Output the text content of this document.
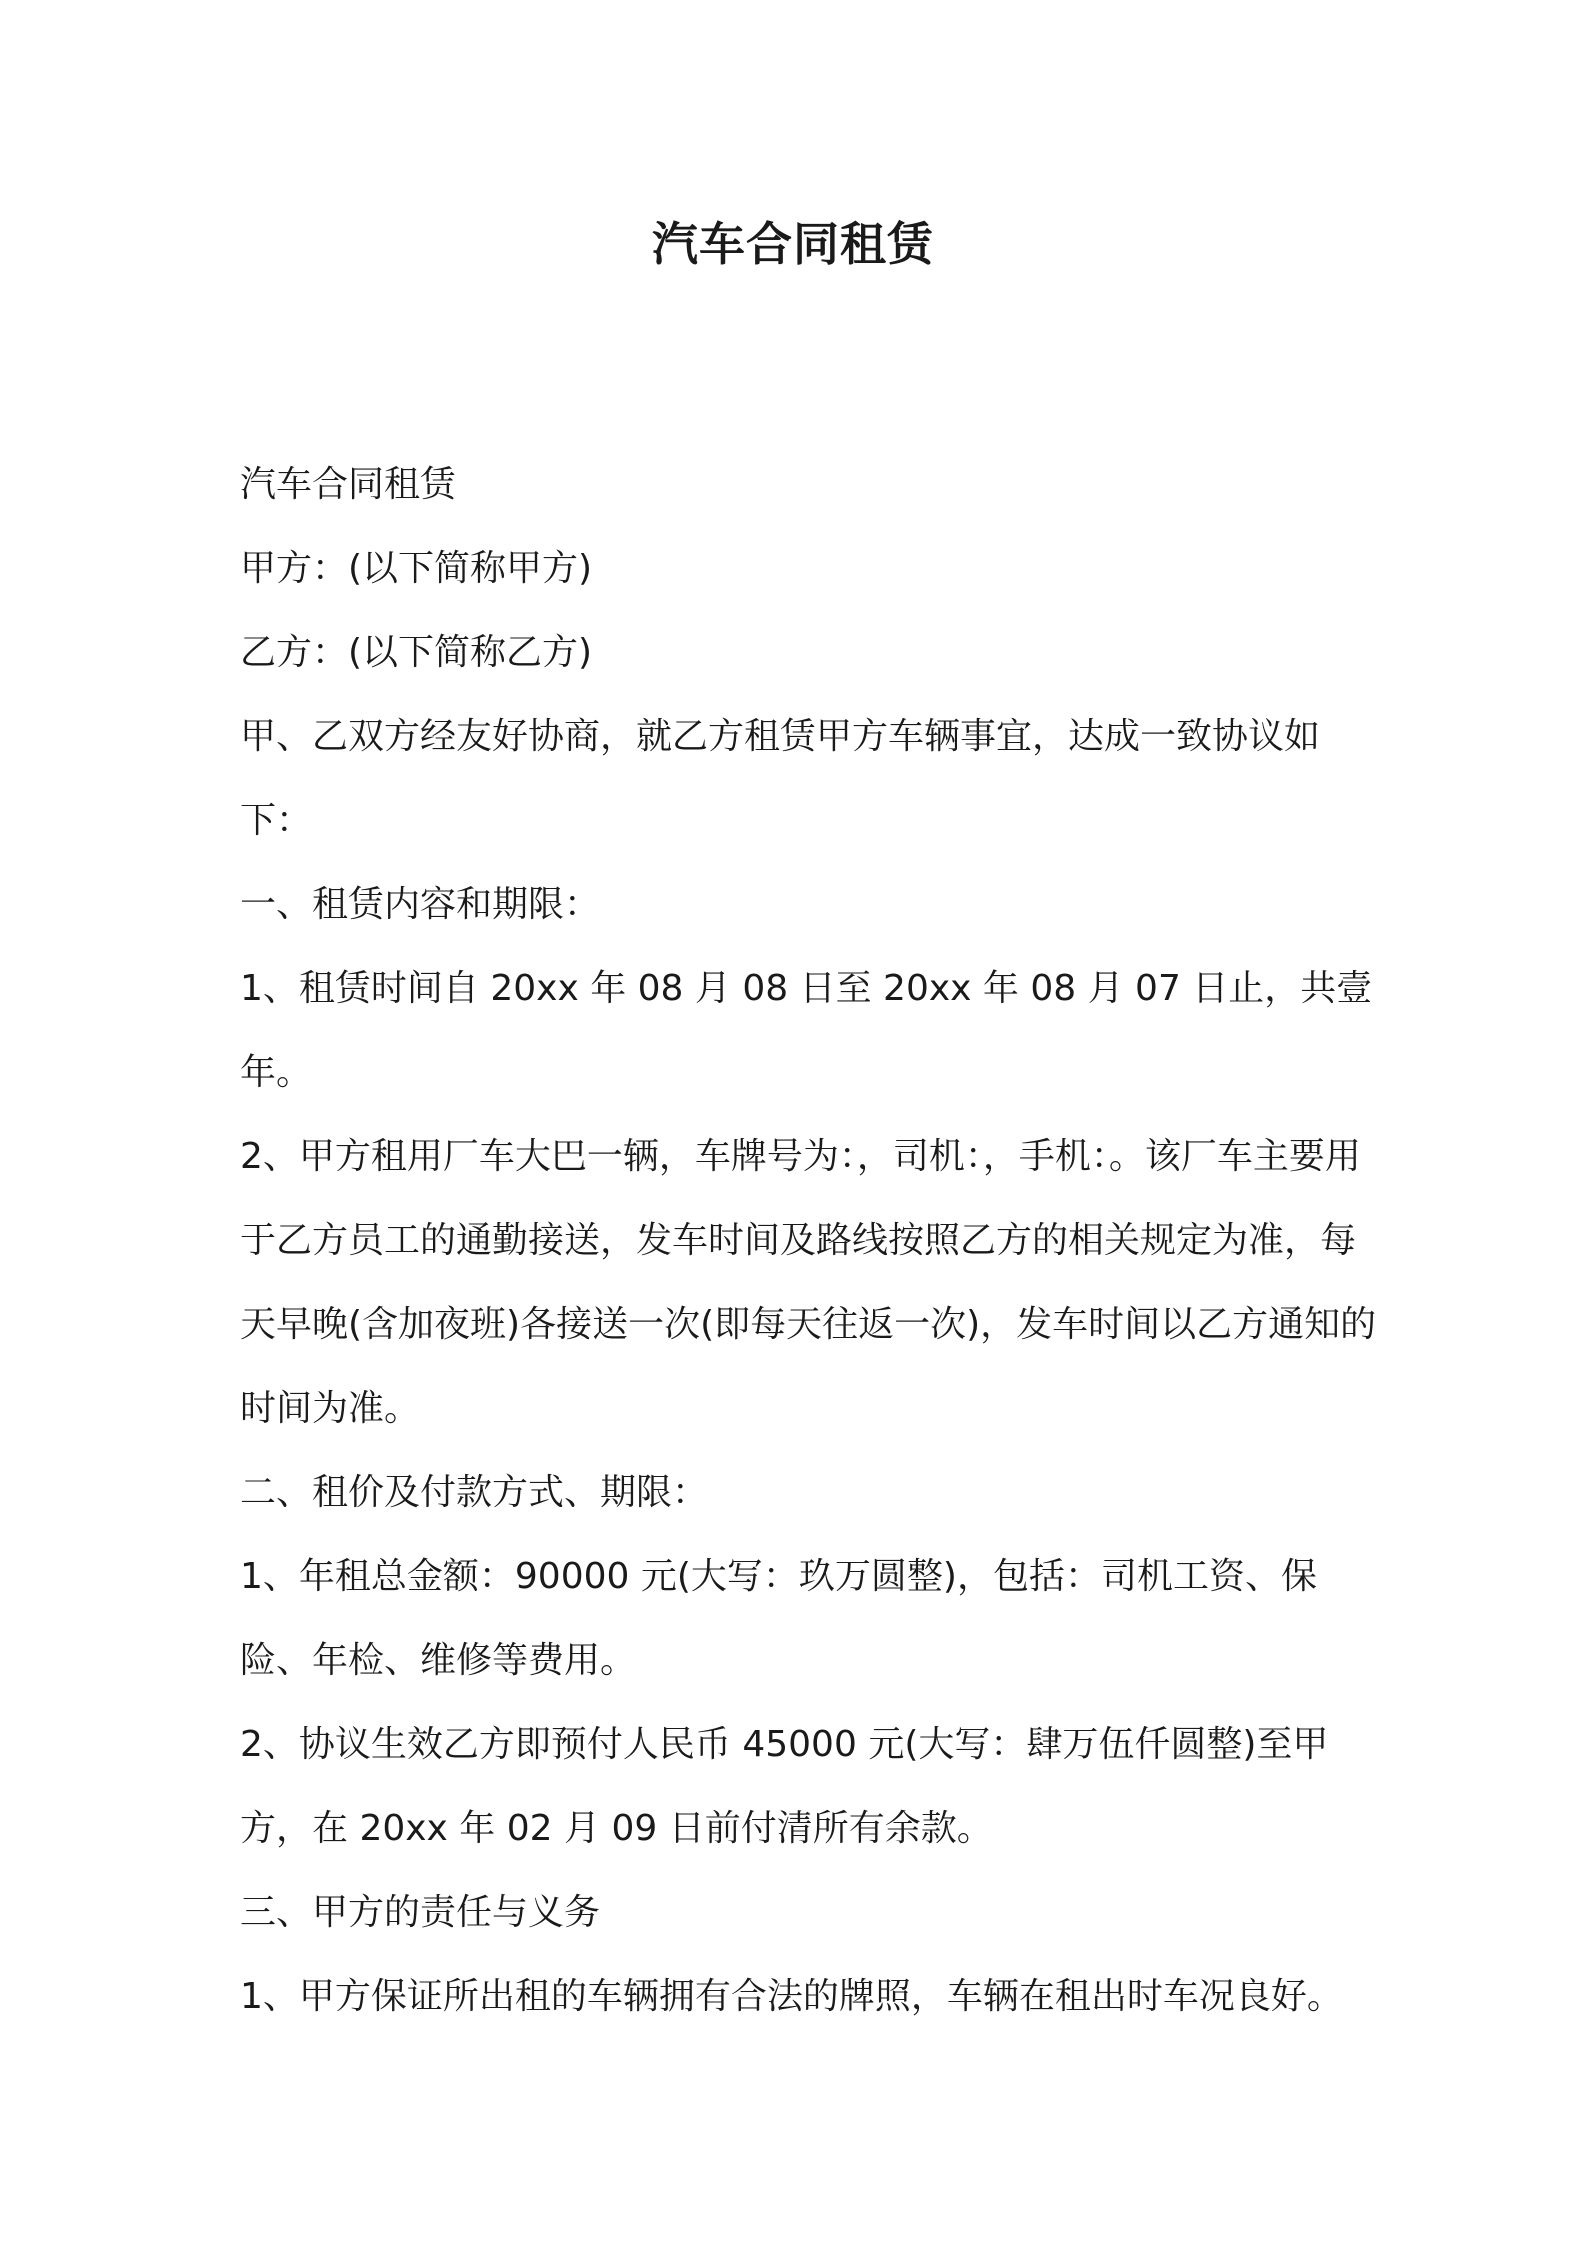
汽车合同租赁

汽车合同租赁

甲方：(以下简称甲方)

乙方：(以下简称乙方)

甲、乙双方经友好协商，就乙方租赁甲方车辆事宜，达成一致协议如下：

一、租赁内容和期限：

1、租赁时间自 20xx 年 08 月 08 日至 20xx 年 08 月 07 日止，共壹年。

2、甲方租用厂车大巴一辆，车牌号为：，司机：，手机：。该厂车主要用于乙方员工的通勤接送，发车时间及路线按照乙方的相关规定为准，每天早晚(含加夜班)各接送一次(即每天往返一次)，发车时间以乙方通知的时间为准。

二、租价及付款方式、期限：

1、年租总金额：90000 元(大写：玖万圆整)，包括：司机工资、保险、年检、维修等费用。

2、协议生效乙方即预付人民币 45000 元(大写：肆万伍仟圆整)至甲方，在 20xx 年 02 月 09 日前付清所有余款。

三、甲方的责任与义务

1、甲方保证所出租的车辆拥有合法的牌照，车辆在租出时车况良好。
